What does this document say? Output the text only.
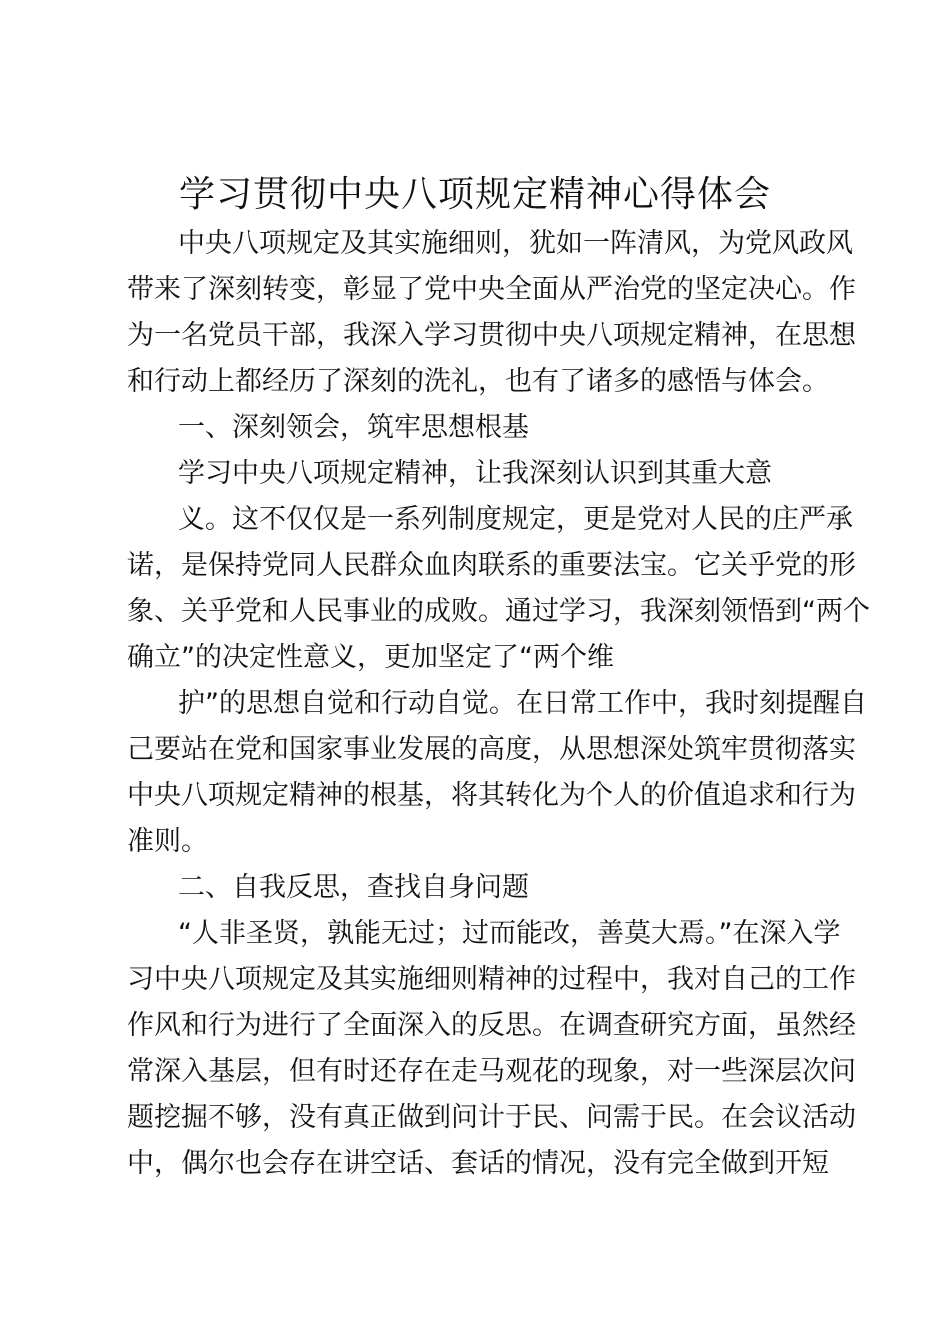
学习贯彻中央八项规定精神心得体会
中央八项规定及其实施细则，犹如一阵清风，为党风政风
带来了深刻转变，彰显了党中央全面从严治党的坚定决心。作
为一名党员干部，我深入学习贯彻中央八项规定精神，在思想
和行动上都经历了深刻的洗礼，也有了诸多的感悟与体会。
一、深刻领会，筑牢思想根基
学习中央八项规定精神，让我深刻认识到其重大意
义。这不仅仅是一系列制度规定，更是党对人民的庄严承
诺，是保持党同人民群众血肉联系的重要法宝。它关乎党的形
象、关乎党和人民事业的成败。通过学习，我深刻领悟到“两个
确立”的决定性意义，更加坚定了“两个维
护”的思想自觉和行动自觉。在日常工作中，我时刻提醒自
己要站在党和国家事业发展的高度，从思想深处筑牢贯彻落实
中央八项规定精神的根基，将其转化为个人的价值追求和行为
准则。
二、自我反思，查找自身问题
“人非圣贤，孰能无过；过而能改，善莫大焉。”在深入学
习中央八项规定及其实施细则精神的过程中，我对自己的工作
作风和行为进行了全面深入的反思。在调查研究方面，虽然经
常深入基层，但有时还存在走马观花的现象，对一些深层次问
题挖掘不够，没有真正做到问计于民、问需于民。在会议活动
中，偶尔也会存在讲空话、套话的情况，没有完全做到开短
